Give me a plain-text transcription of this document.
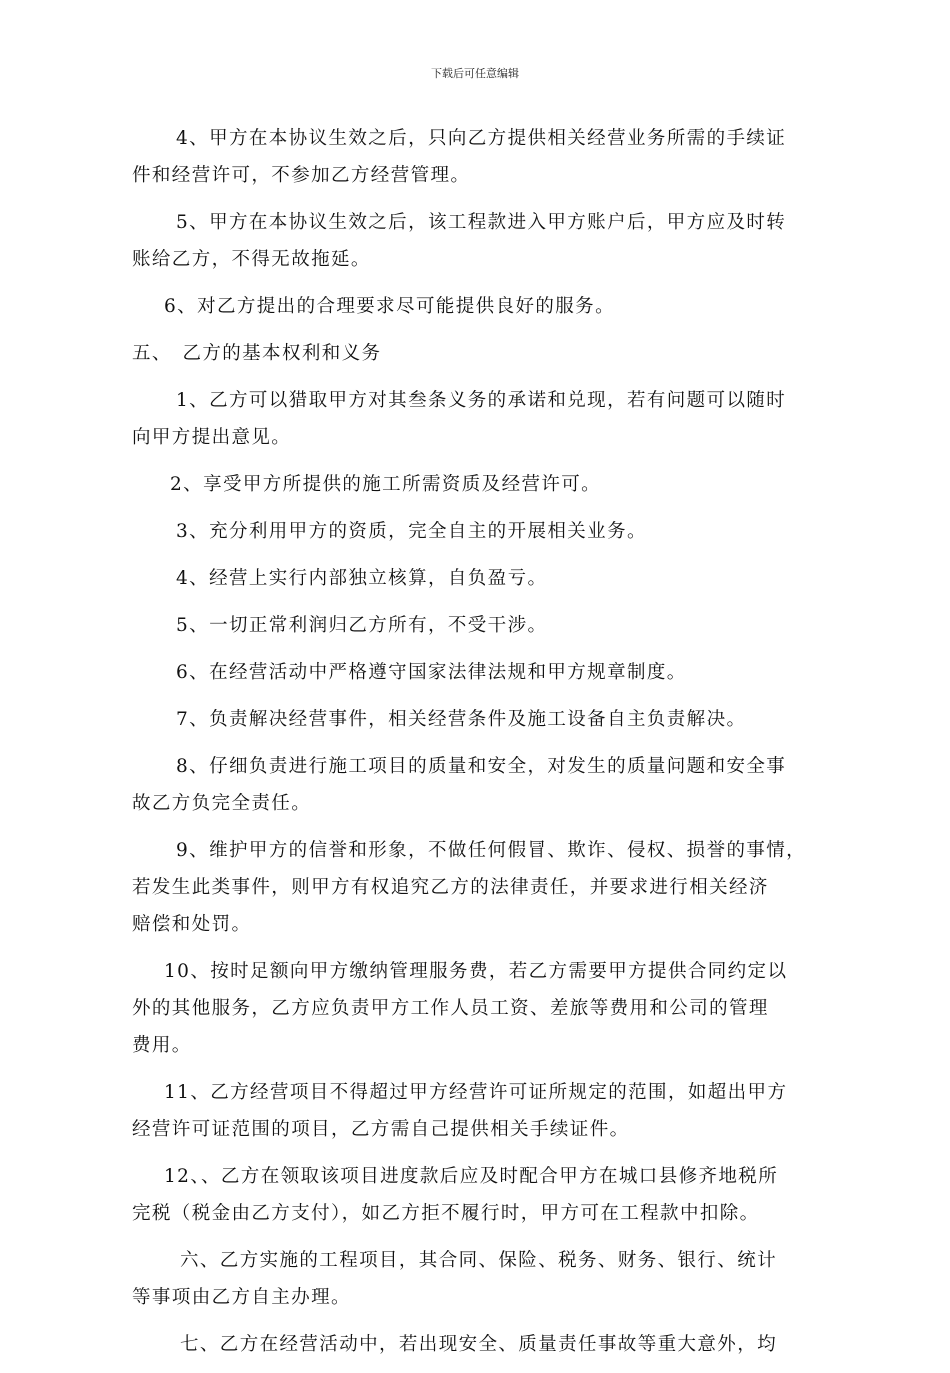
下载后可任意编辑

4、甲方在本协议生效之后，只向乙方提供相关经营业务所需的手续证
件和经营许可，不参加乙方经营管理。

5、甲方在本协议生效之后，该工程款进入甲方账户后，甲方应及时转
账给乙方，不得无故拖延。

6、对乙方提出的合理要求尽可能提供良好的服务。

五、　乙方的基本权利和义务

1、乙方可以猎取甲方对其叁条义务的承诺和兑现，若有问题可以随时
向甲方提出意见。

2、享受甲方所提供的施工所需资质及经营许可。

3、充分利用甲方的资质，完全自主的开展相关业务。

4、经营上实行内部独立核算，自负盈亏。

5、一切正常利润归乙方所有，不受干涉。

6、在经营活动中严格遵守国家法律法规和甲方规章制度。

7、负责解决经营事件，相关经营条件及施工设备自主负责解决。

8、仔细负责进行施工项目的质量和安全，对发生的质量问题和安全事
故乙方负完全责任。

9、维护甲方的信誉和形象，不做任何假冒、欺诈、侵权、损誉的事情，
若发生此类事件，则甲方有权追究乙方的法律责任，并要求进行相关经济
赔偿和处罚。

10、按时足额向甲方缴纳管理服务费，若乙方需要甲方提供合同约定以
外的其他服务，乙方应负责甲方工作人员工资、差旅等费用和公司的管理
费用。

11、乙方经营项目不得超过甲方经营许可证所规定的范围，如超出甲方
经营许可证范围的项目，乙方需自己提供相关手续证件。

12、、乙方在领取该项目进度款后应及时配合甲方在城口县修齐地税所
完税（税金由乙方支付），如乙方拒不履行时，甲方可在工程款中扣除。

六、乙方实施的工程项目，其合同、保险、税务、财务、银行、统计
等事项由乙方自主办理。

七、乙方在经营活动中，若出现安全、质量责任事故等重大意外，均
